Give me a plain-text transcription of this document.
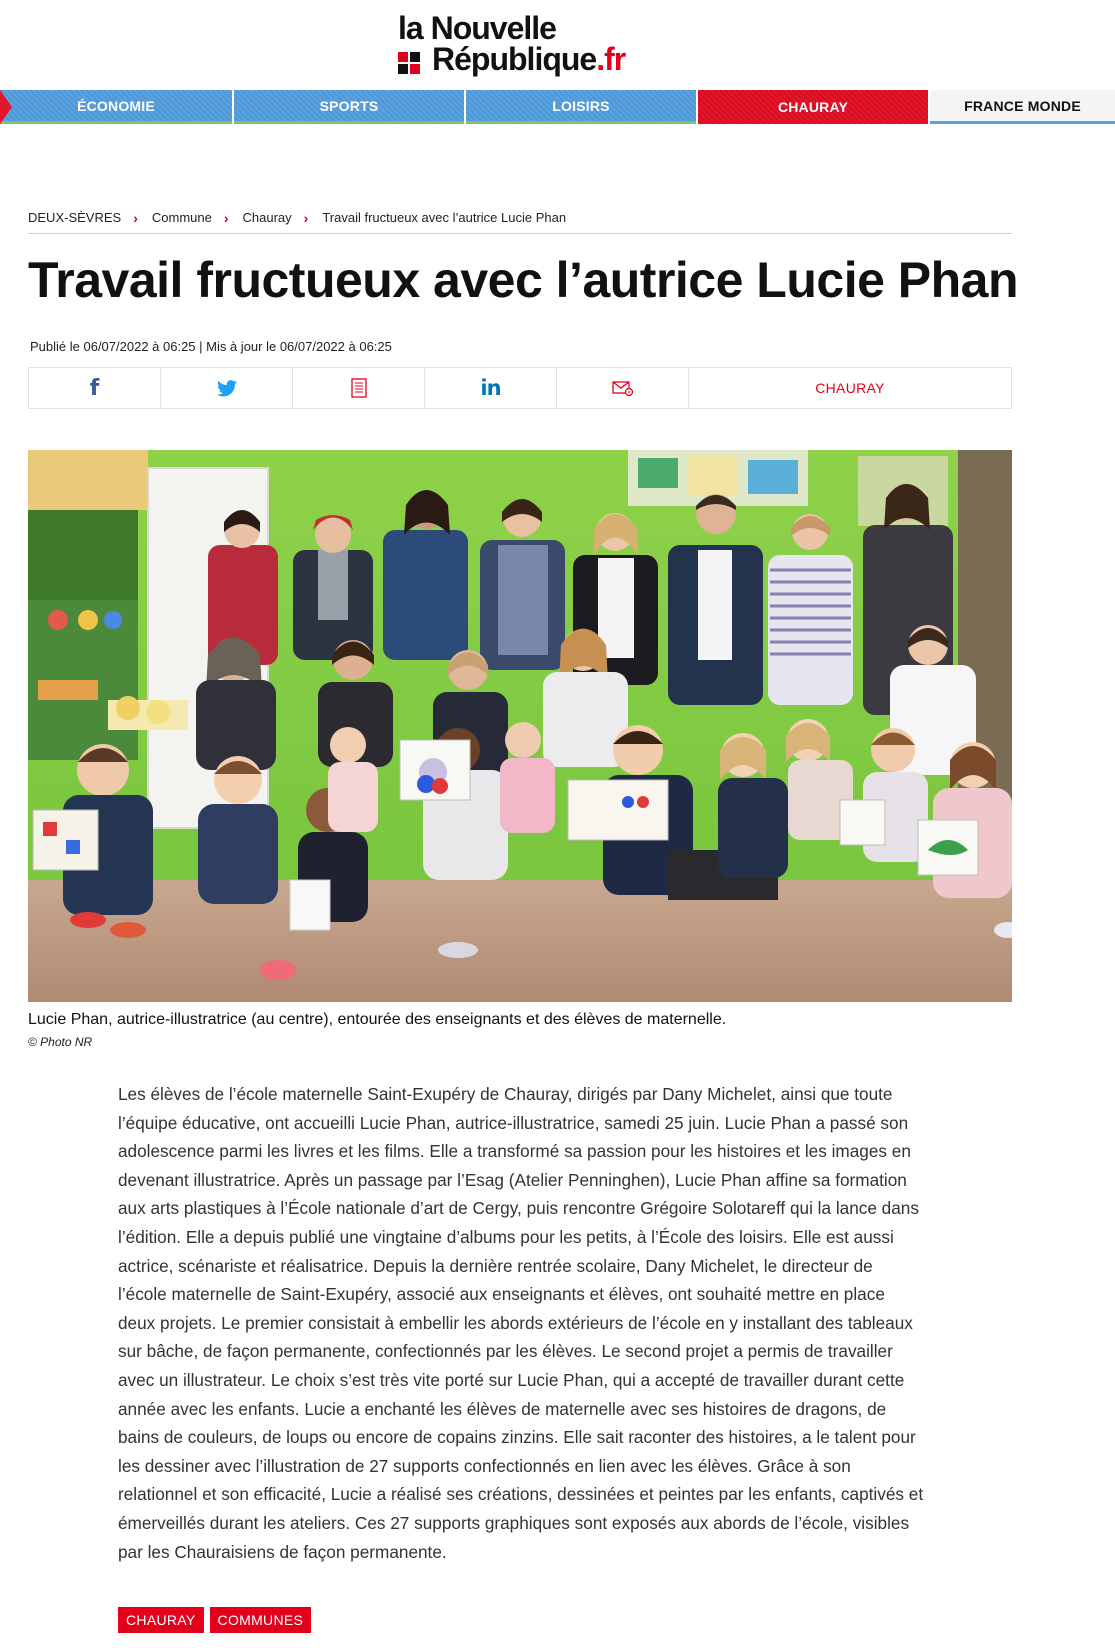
la Nouvelle
République.fr
ÉCONOMIE	SPORTS	LOISIRS	CHAURAY	FRANCE MONDE
DEUX-SÈVRES › Commune › Chauray › Travail fructueux avec l’autrice Lucie Phan
Travail fructueux avec l’autrice Lucie Phan
Publié le 06/07/2022 à 06:25 | Mis à jour le 06/07/2022 à 06:25
f	in	CHAURAY
Lucie Phan, autrice-illustratrice (au centre), entourée des enseignants et des élèves de maternelle.
© Photo NR

Les élèves de l’école maternelle Saint-Exupéry de Chauray, dirigés par Dany Michelet, ainsi que toute l’équipe éducative, ont accueilli Lucie Phan, autrice-illustratrice, samedi 25 juin. Lucie Phan a passé son adolescence parmi les livres et les films. Elle a transformé sa passion pour les histoires et les images en devenant illustratrice. Après un passage par l’Esag (Atelier Penninghen), Lucie Phan affine sa formation aux arts plastiques à l’École nationale d’art de Cergy, puis rencontre Grégoire Solotareff qui la lance dans l’édition. Elle a depuis publié une vingtaine d’albums pour les petits, à l’École des loisirs. Elle est aussi actrice, scénariste et réalisatrice. Depuis la dernière rentrée scolaire, Dany Michelet, le directeur de l’école maternelle de Saint-Exupéry, associé aux enseignants et élèves, ont souhaité mettre en place deux projets. Le premier consistait à embellir les abords extérieurs de l’école en y installant des tableaux sur bâche, de façon permanente, confectionnés par les élèves. Le second projet a permis de travailler avec un illustrateur. Le choix s’est très vite porté sur Lucie Phan, qui a accepté de travailler durant cette année avec les enfants. Lucie a enchanté les élèves de maternelle avec ses histoires de dragons, de bains de couleurs, de loups ou encore de copains zinzins. Elle sait raconter des histoires, a le talent pour les dessiner avec l’illustration de 27 supports confectionnés en lien avec les élèves. Grâce à son relationnel et son efficacité, Lucie a réalisé ses créations, dessinées et peintes par les enfants, captivés et émerveillés durant les ateliers. Ces 27 supports graphiques sont exposés aux abords de l’école, visibles par les Chauraisiens de façon permanente.

CHAURAY	COMMUNES
